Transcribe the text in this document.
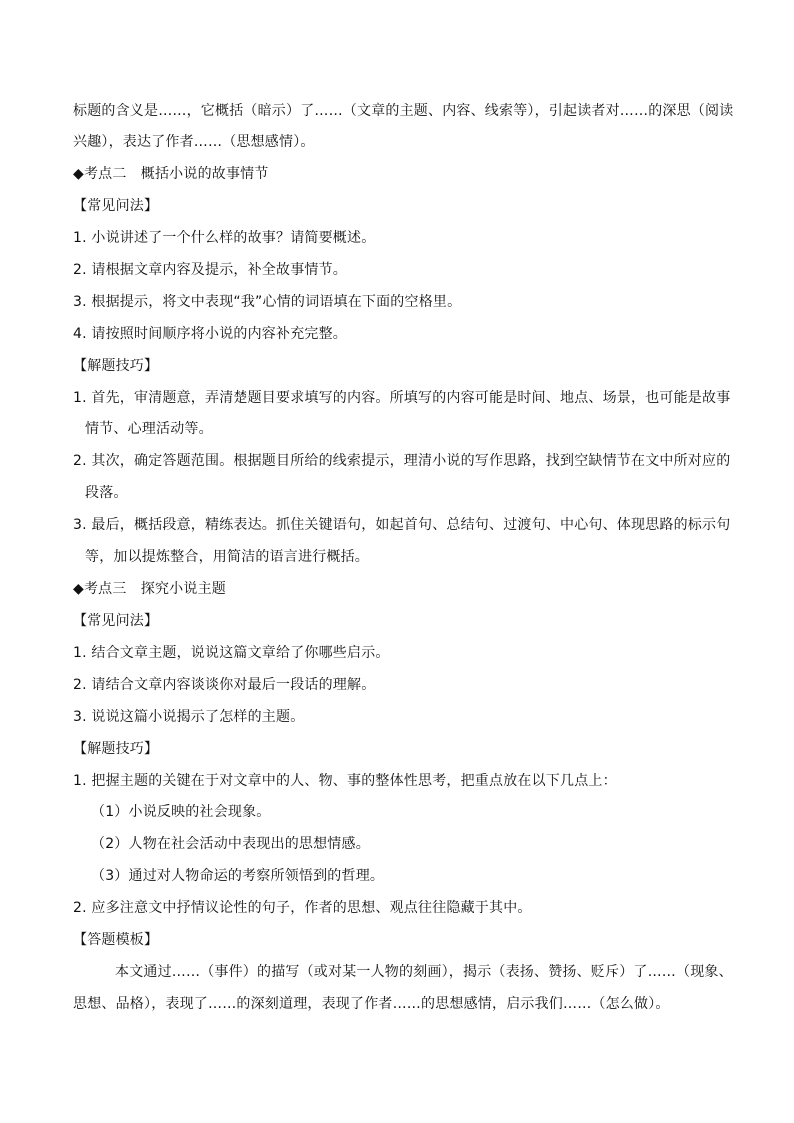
标题的含义是……，它概括（暗示）了……（文章的主题、内容、线索等），引起读者对……的深思（阅读
兴趣），表达了作者……（思想感情）。
◆考点二　概括小说的故事情节
【常见问法】
1. 小说讲述了一个什么样的故事？请简要概述。
2. 请根据文章内容及提示，补全故事情节。
3. 根据提示，将文中表现“我”心情的词语填在下面的空格里。
4. 请按照时间顺序将小说的内容补充完整。
【解题技巧】
1. 首先，审清题意，弄清楚题目要求填写的内容。所填写的内容可能是时间、地点、场景，也可能是故事
情节、心理活动等。
2. 其次，确定答题范围。根据题目所给的线索提示，理清小说的写作思路，找到空缺情节在文中所对应的
段落。
3. 最后，概括段意，精练表达。抓住关键语句，如起首句、总结句、过渡句、中心句、体现思路的标示句
等，加以提炼整合，用简洁的语言进行概括。
◆考点三　探究小说主题
【常见问法】
1. 结合文章主题，说说这篇文章给了你哪些启示。
2. 请结合文章内容谈谈你对最后一段话的理解。
3. 说说这篇小说揭示了怎样的主题。
【解题技巧】
1. 把握主题的关键在于对文章中的人、物、事的整体性思考，把重点放在以下几点上：
（1）小说反映的社会现象。
（2）人物在社会活动中表现出的思想情感。
（3）通过对人物命运的考察所领悟到的哲理。
2. 应多注意文中抒情议论性的句子，作者的思想、观点往往隐藏于其中。
【答题模板】
本文通过……（事件）的描写（或对某一人物的刻画），揭示（表扬、赞扬、贬斥）了……（现象、
思想、品格），表现了……的深刻道理，表现了作者……的思想感情，启示我们……（怎么做）。
